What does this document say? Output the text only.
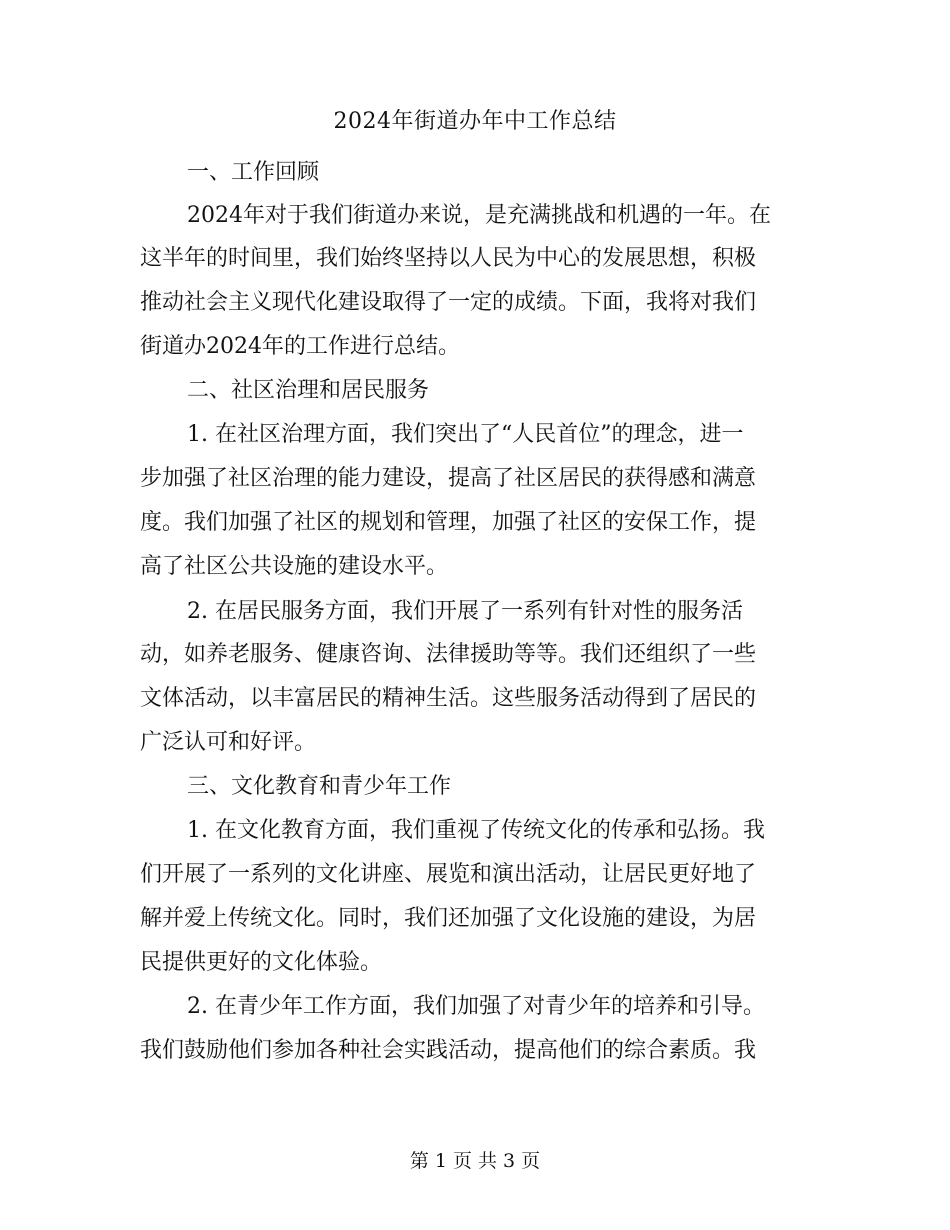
2024年街道办年中工作总结
一、工作回顾
2024年对于我们街道办来说，是充满挑战和机遇的一年。在
这半年的时间里，我们始终坚持以人民为中心的发展思想，积极
推动社会主义现代化建设取得了一定的成绩。下面，我将对我们
街道办2024年的工作进行总结。
二、社区治理和居民服务
1. 在社区治理方面，我们突出了“人民首位”的理念，进一
步加强了社区治理的能力建设，提高了社区居民的获得感和满意
度。我们加强了社区的规划和管理，加强了社区的安保工作，提
高了社区公共设施的建设水平。
2. 在居民服务方面，我们开展了一系列有针对性的服务活
动，如养老服务、健康咨询、法律援助等等。我们还组织了一些
文体活动，以丰富居民的精神生活。这些服务活动得到了居民的
广泛认可和好评。
三、文化教育和青少年工作
1. 在文化教育方面，我们重视了传统文化的传承和弘扬。我
们开展了一系列的文化讲座、展览和演出活动，让居民更好地了
解并爱上传统文化。同时，我们还加强了文化设施的建设，为居
民提供更好的文化体验。
2. 在青少年工作方面，我们加强了对青少年的培养和引导。
我们鼓励他们参加各种社会实践活动，提高他们的综合素质。我
第 1 页 共 3 页
